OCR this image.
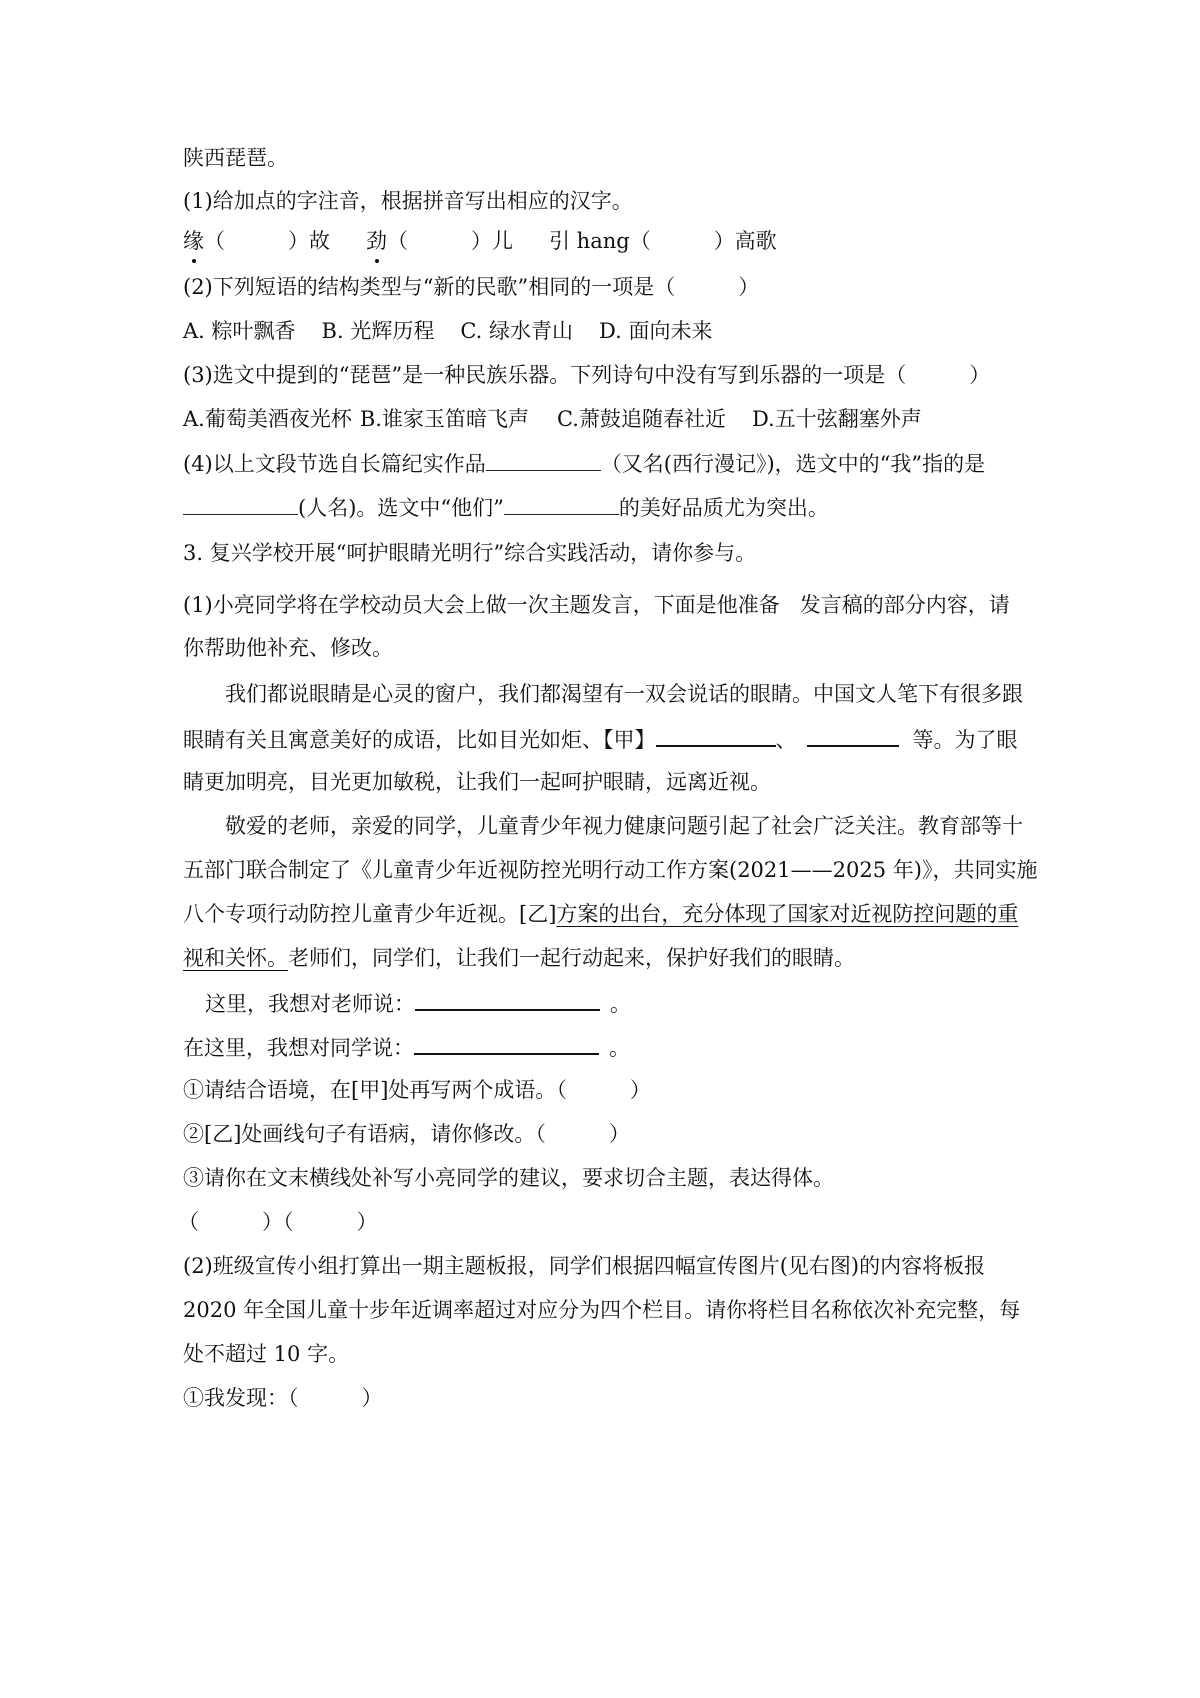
陕西琵琶。
(1)给加点的字注音，根据拼音写出相应的汉字。
缘（　　　）故 劲（　　　）儿 引 hang（　　　）高歌
(2)下列短语的结构类型与“新的民歌”相同的一项是（　　　）
A. 粽叶飘香 B. 光辉历程 C. 绿水青山 D. 面向未来
(3)选文中提到的“琵琶”是一种民族乐器。下列诗句中没有写到乐器的一项是（　　　）
A.葡萄美酒夜光杯 B.谁家玉笛暗飞声 C.萧鼓追随春社近 D.五十弦翻塞外声
(4)以上文段节选自长篇纪实作品	（又名(西行漫记》)，选文中的“我”指的是
(人名)。选文中“他们”	的美好品质尤为突出。
3. 复兴学校开展“呵护眼睛光明行”综合实践活动，请你参与。
(1)小亮同学将在学校动员大会上做一次主题发言，下面是他准备 发言稿的部分内容，请
你帮助他补充、修改。
我们都说眼睛是心灵的窗户，我们都渴望有一双会说话的眼睛。中国文人笔下有很多跟
眼睛有关且寓意美好的成语，比如目光如炬、【甲】	、	等。为了眼
睛更加明亮，目光更加敏税，让我们一起呵护眼睛，远离近视。
敬爱的老师，亲爱的同学，儿童青少年视力健康问题引起了社会广泛关注。教育部等十
五部门联合制定了《儿童青少年近视防控光明行动工作方案(2021——2025 年)》，共同实施
八个专项行动防控儿童青少年近视。[乙]方案的出台，充分体现了国家对近视防控问题的重
视和关怀。老师们，同学们，让我们一起行动起来，保护好我们的眼睛。
这里，我想对老师说：	。
在这里，我想对同学说：	。
①请结合语境，在[甲]处再写两个成语。（　　　）
②[乙]处画线句子有语病，请你修改。（　　　）
③请你在文末横线处补写小亮同学的建议，要求切合主题，表达得体。
（　　　）（　　　）
(2)班级宣传小组打算出一期主题板报，同学们根据四幅宣传图片(见右图)的内容将板报
2020 年全国儿童十步年近调率超过对应分为四个栏目。请你将栏目名称依次补充完整，每
处不超过 10 字。
①我发现：（　　　）
